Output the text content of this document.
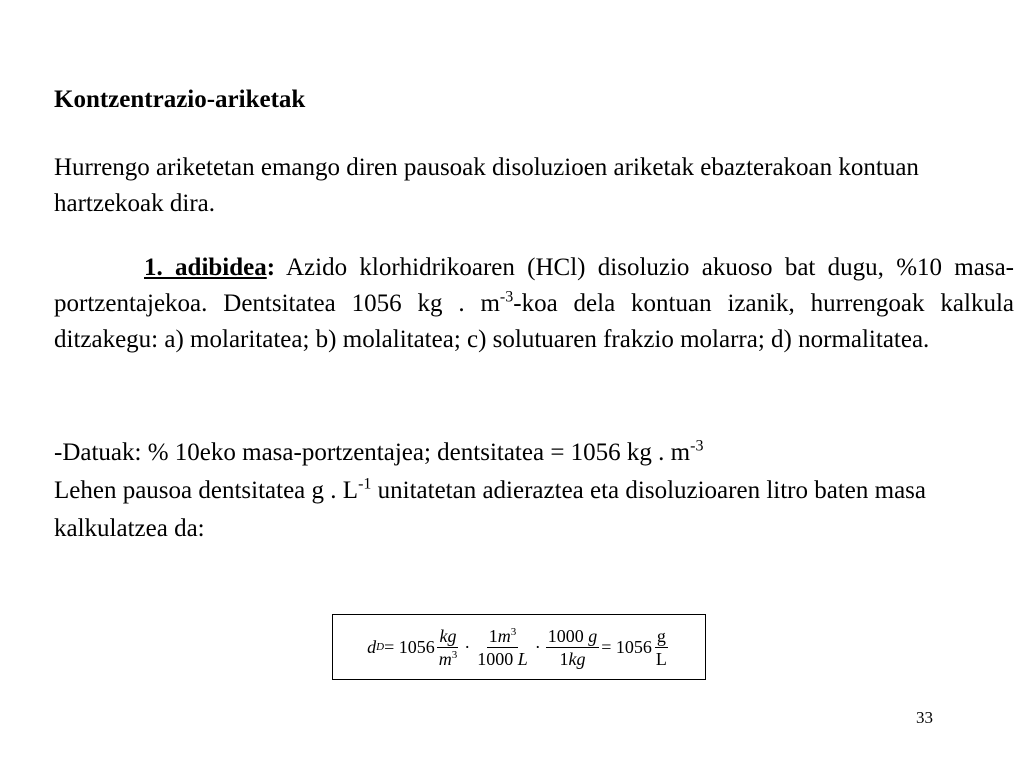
Kontzentrazio-ariketak

Hurrengo ariketetan emango diren pausoak disoluzioen ariketak ebazterakoan kontuan hartzekoak dira.

1. adibidea: Azido klorhidrikoaren (HCl) disoluzio akuoso bat dugu, %10 masa-portzentajekoa. Dentsitatea 1056 kg . $m^{-3}$-koa dela kontuan izanik, hurrengoak kalkula ditzakegu: a) molaritatea; b) molalitatea; c) solutuaren frakzio molarra; d) normalitatea.

-Datuak: % 10eko masa-portzentajea; dentsitatea = 1056 kg . $m^{-3}$
Lehen pausoa dentsitatea g . $L^{-1}$ unitatetan adieraztea eta disoluzioaren litro baten masa kalkulatzea da:

d $D = 1056 \frac{kg}{m^3} \cdot \frac{1m^3}{1000 L} \cdot \frac{1000 g}{1kg} = 1056 \frac{g}{L}$
33
